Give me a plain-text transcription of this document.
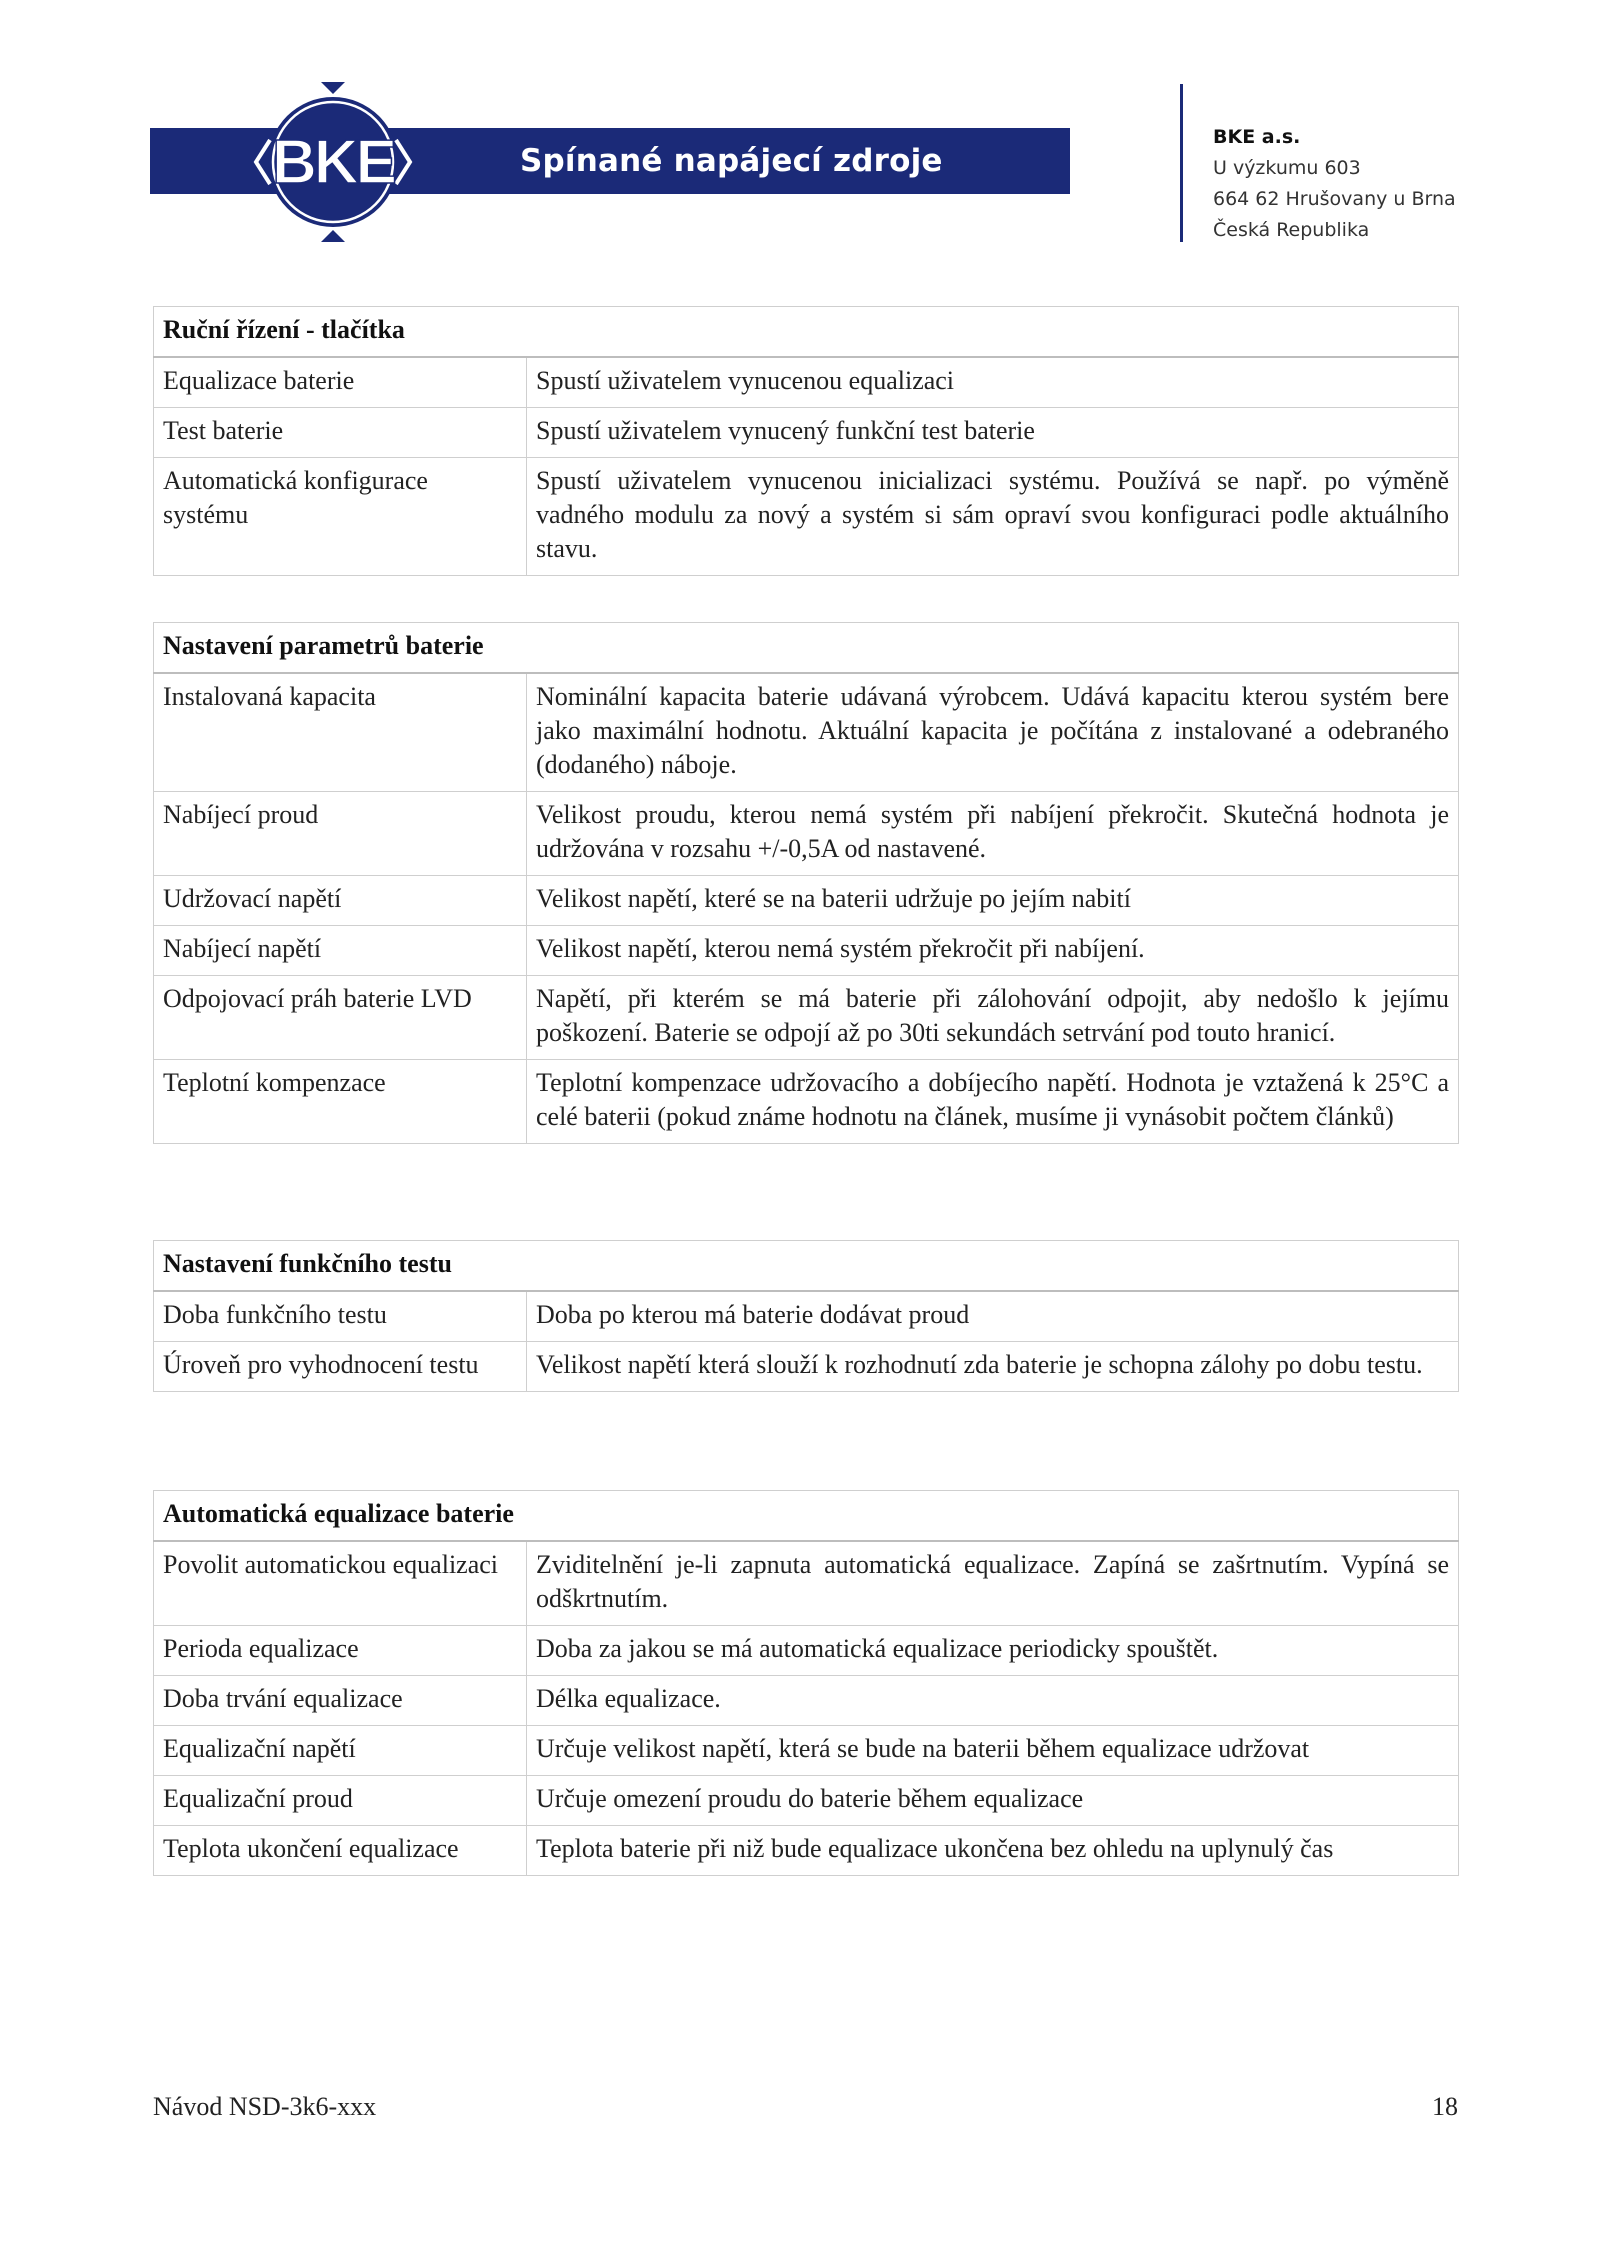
Spínané napájecí zdroje
BKE	BKE a.s.
U výzkumu 603
664 62 Hrušovany u Brna
Česká Republika
Ruční řízení - tlačítka	
Equalizace baterie	Spustí uživatelem vynucenou equalizaci
Test baterie	Spustí uživatelem vynucený funkční test baterie
Automatická konfigurace systému	Spustí uživatelem vynucenou inicializaci systému. Používá se např. po výměně vadného modulu za nový a systém si sám opraví svou konfiguraci podle aktuálního stavu.
Nastavení parametrů baterie	
Instalovaná kapacita	Nominální kapacita baterie udávaná výrobcem. Udává kapacitu kterou systém bere jako maximální hodnotu. Aktuální kapacita je počítána z instalované a odebraného (dodaného) náboje.
Nabíjecí proud	Velikost proudu, kterou nemá systém při nabíjení překročit. Skutečná hodnota je udržována v rozsahu +/-0,5A od nastavené.
Udržovací napětí	Velikost napětí, které se na baterii udržuje po jejím nabití
Nabíjecí napětí	Velikost napětí, kterou nemá systém překročit při nabíjení.
Odpojovací práh baterie LVD	Napětí, při kterém se má baterie při zálohování odpojit, aby nedošlo k jejímu poškození. Baterie se odpojí až po 30ti sekundách setrvání pod touto hranicí.
Teplotní kompenzace	Teplotní kompenzace udržovacího a dobíjecího napětí. Hodnota je vztažená k 25°C a celé baterii (pokud známe hodnotu na článek, musíme ji vynásobit počtem článků)
Nastavení funkčního testu	
Doba funkčního testu	Doba po kterou má baterie dodávat proud
Úroveň pro vyhodnocení testu	Velikost napětí která slouží k rozhodnutí zda baterie je schopna zálohy po dobu testu.
Automatická equalizace baterie	
Povolit automatickou equalizaci	Zviditelnění je-li zapnuta automatická equalizace. Zapíná se zašrtnutím. Vypíná se odškrtnutím.
Perioda equalizace	Doba za jakou se má automatická equalizace periodicky spouštět.
Doba trvání equalizace	Délka equalizace.
Equalizační napětí	Určuje velikost napětí, která se bude na baterii během equalizace udržovat
Equalizační proud	Určuje omezení proudu do baterie během equalizace
Teplota ukončení equalizace	Teplota baterie při niž bude equalizace ukončena bez ohledu na uplynulý čas
Návod NSD-3k6-xxx	18
